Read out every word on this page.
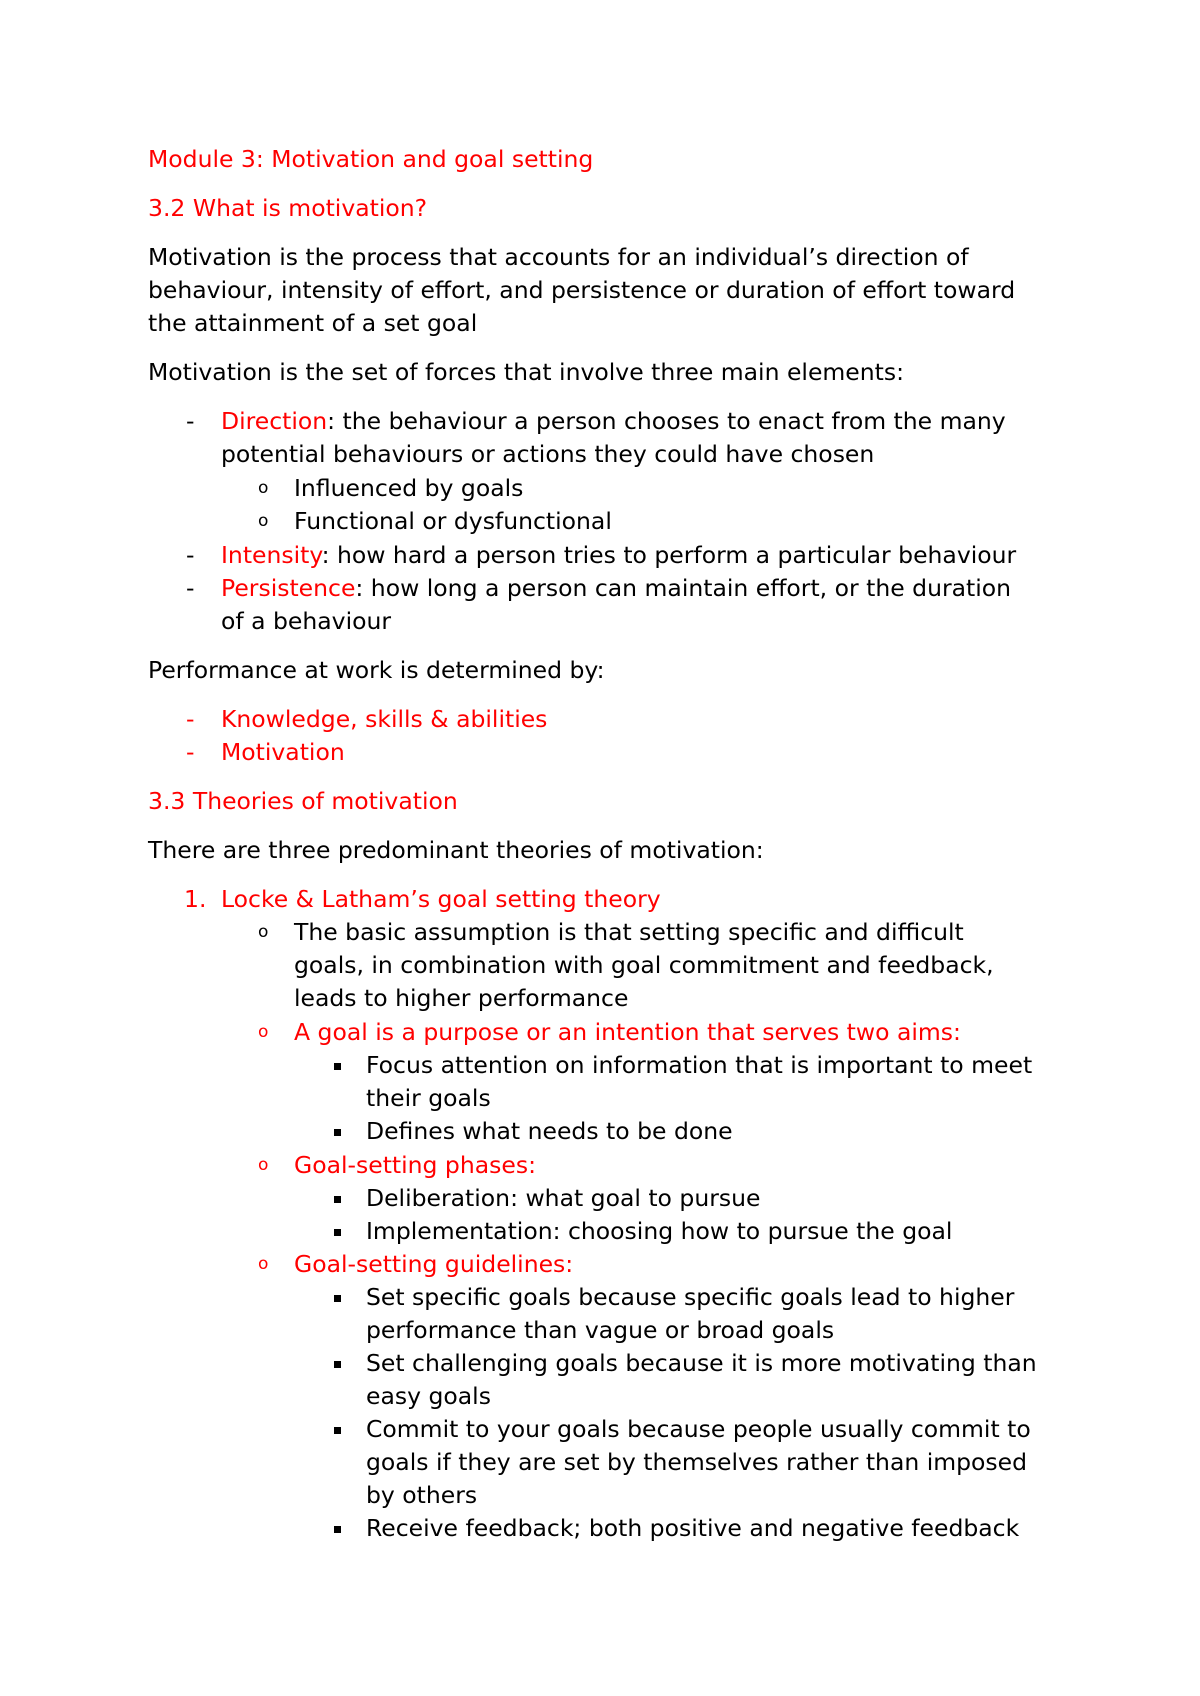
Module 3: Motivation and goal setting

3.2 What is motivation?

Motivation is the process that accounts for an individual’s direction of

behaviour, intensity of effort, and persistence or duration of effort toward

the attainment of a set goal

Motivation is the set of forces that involve three main elements:

- Direction: the behaviour a person chooses to enact from the many

potential behaviours or actions they could have chosen

o Influenced by goals

o Functional or dysfunctional

- Intensity: how hard a person tries to perform a particular behaviour

- Persistence: how long a person can maintain effort, or the duration

of a behaviour

Performance at work is determined by:

- Knowledge, skills & abilities

- Motivation

3.3 Theories of motivation

There are three predominant theories of motivation:

1. Locke & Latham’s goal setting theory

o The basic assumption is that setting specific and difficult

goals, in combination with goal commitment and feedback,

leads to higher performance

o A goal is a purpose or an intention that serves two aims:

Focus attention on information that is important to meet

their goals

Defines what needs to be done

o Goal-setting phases:

Deliberation: what goal to pursue

Implementation: choosing how to pursue the goal

o Goal-setting guidelines:

Set specific goals because specific goals lead to higher

performance than vague or broad goals

Set challenging goals because it is more motivating than

easy goals

Commit to your goals because people usually commit to

goals if they are set by themselves rather than imposed

by others

Receive feedback; both positive and negative feedback
